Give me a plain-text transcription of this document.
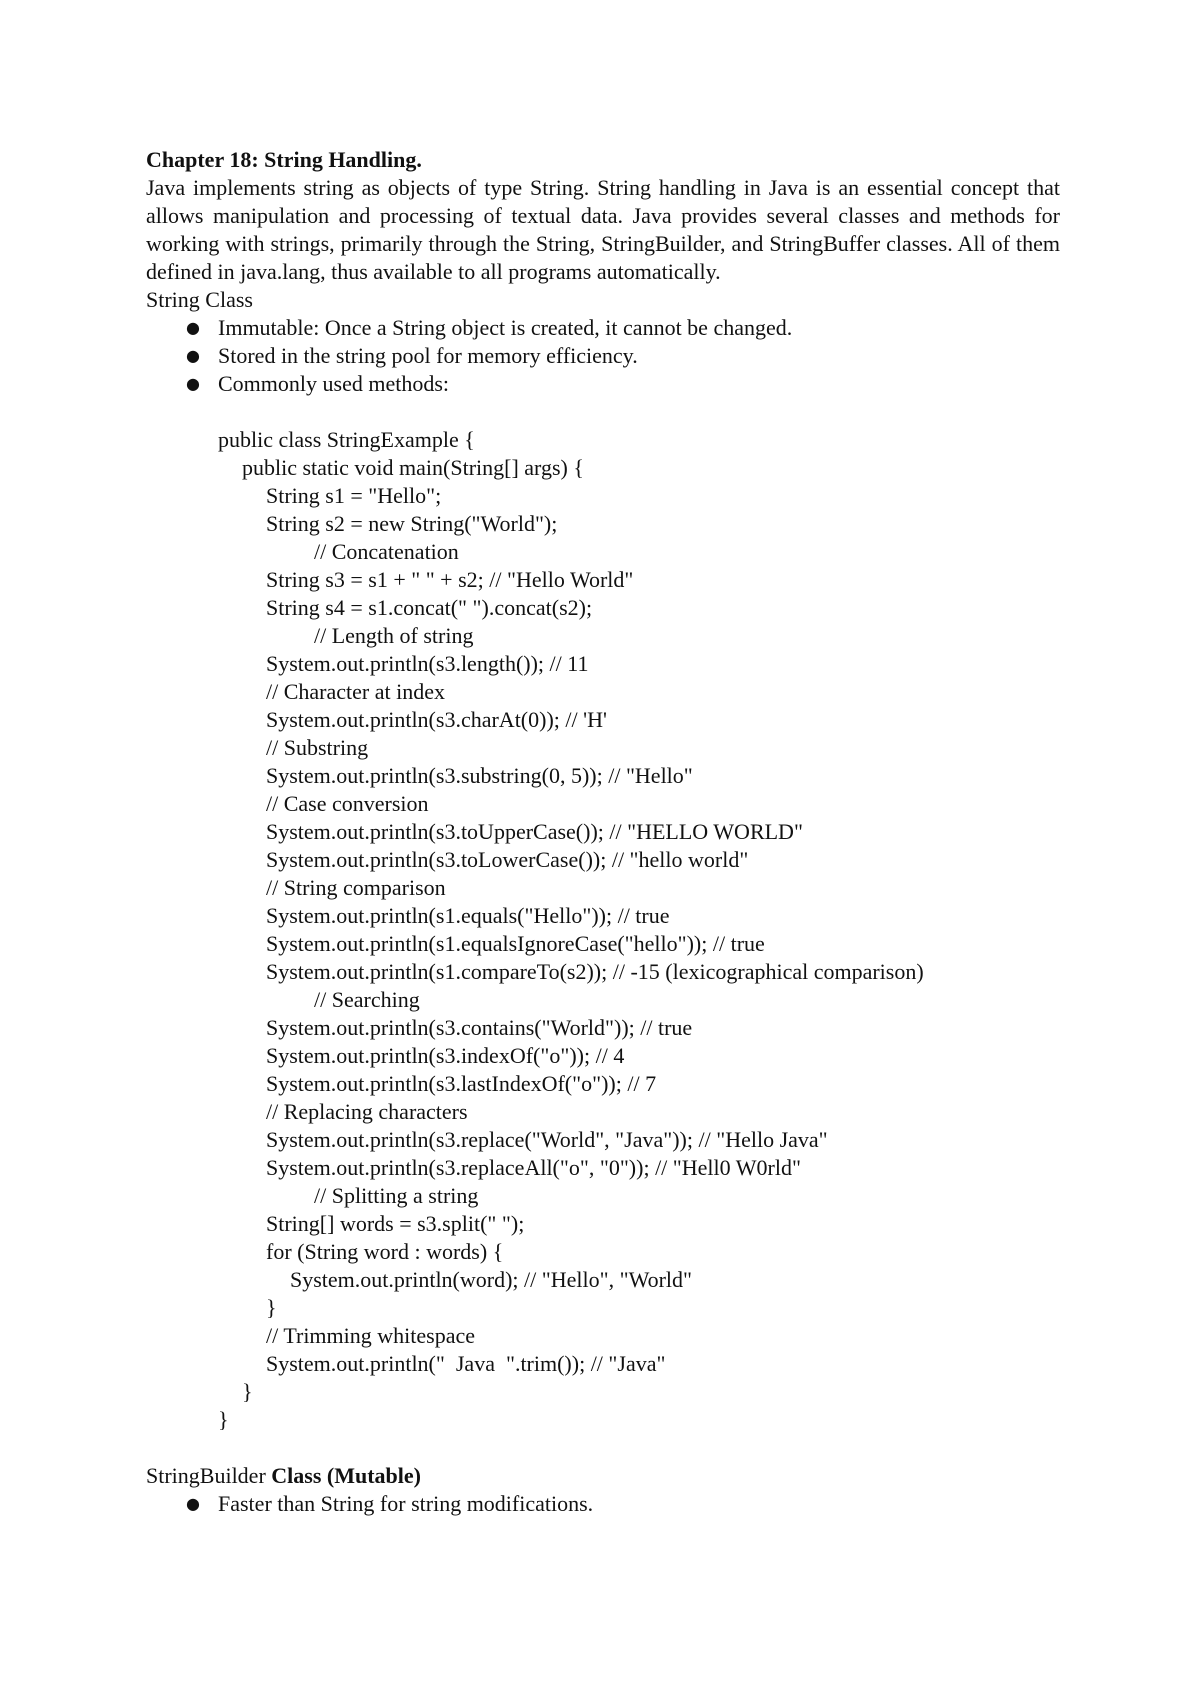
Chapter 18: String Handling.

Java implements string as objects of type String. String handling in Java is an essential concept that allows manipulation and processing of textual data. Java provides several classes and methods for working with strings, primarily through the String, StringBuilder, and StringBuffer classes. All of them defined in java.lang, thus available to all programs automatically.

String Class

● Immutable: Once a String object is created, it cannot be changed.
● Stored in the string pool for memory efficiency.
● Commonly used methods:
public class StringExample {
public static void main(String[] args) {
String s1 = "Hello";
String s2 = new String("World");
// Concatenation
String s3 = s1 + " " + s2; // "Hello World"
String s4 = s1.concat(" ").concat(s2);
// Length of string
System.out.println(s3.length()); // 11
// Character at index
System.out.println(s3.charAt(0)); // 'H'
// Substring
System.out.println(s3.substring(0, 5)); // "Hello"
// Case conversion
System.out.println(s3.toUpperCase()); // "HELLO WORLD"
System.out.println(s3.toLowerCase()); // "hello world"
// String comparison
System.out.println(s1.equals("Hello")); // true
System.out.println(s1.equalsIgnoreCase("hello")); // true
System.out.println(s1.compareTo(s2)); // -15 (lexicographical comparison)
// Searching
System.out.println(s3.contains("World")); // true
System.out.println(s3.indexOf("o")); // 4
System.out.println(s3.lastIndexOf("o")); // 7
// Replacing characters
System.out.println(s3.replace("World", "Java")); // "Hello Java"
System.out.println(s3.replaceAll("o", "0")); // "Hell0 W0rld"
// Splitting a string
String[] words = s3.split(" ");
for (String word : words) {
System.out.println(word); // "Hello", "World"
}
// Trimming whitespace
System.out.println("  Java  ".trim()); // "Java"
}
}

StringBuilder Class (Mutable)

● Faster than String for string modifications.
